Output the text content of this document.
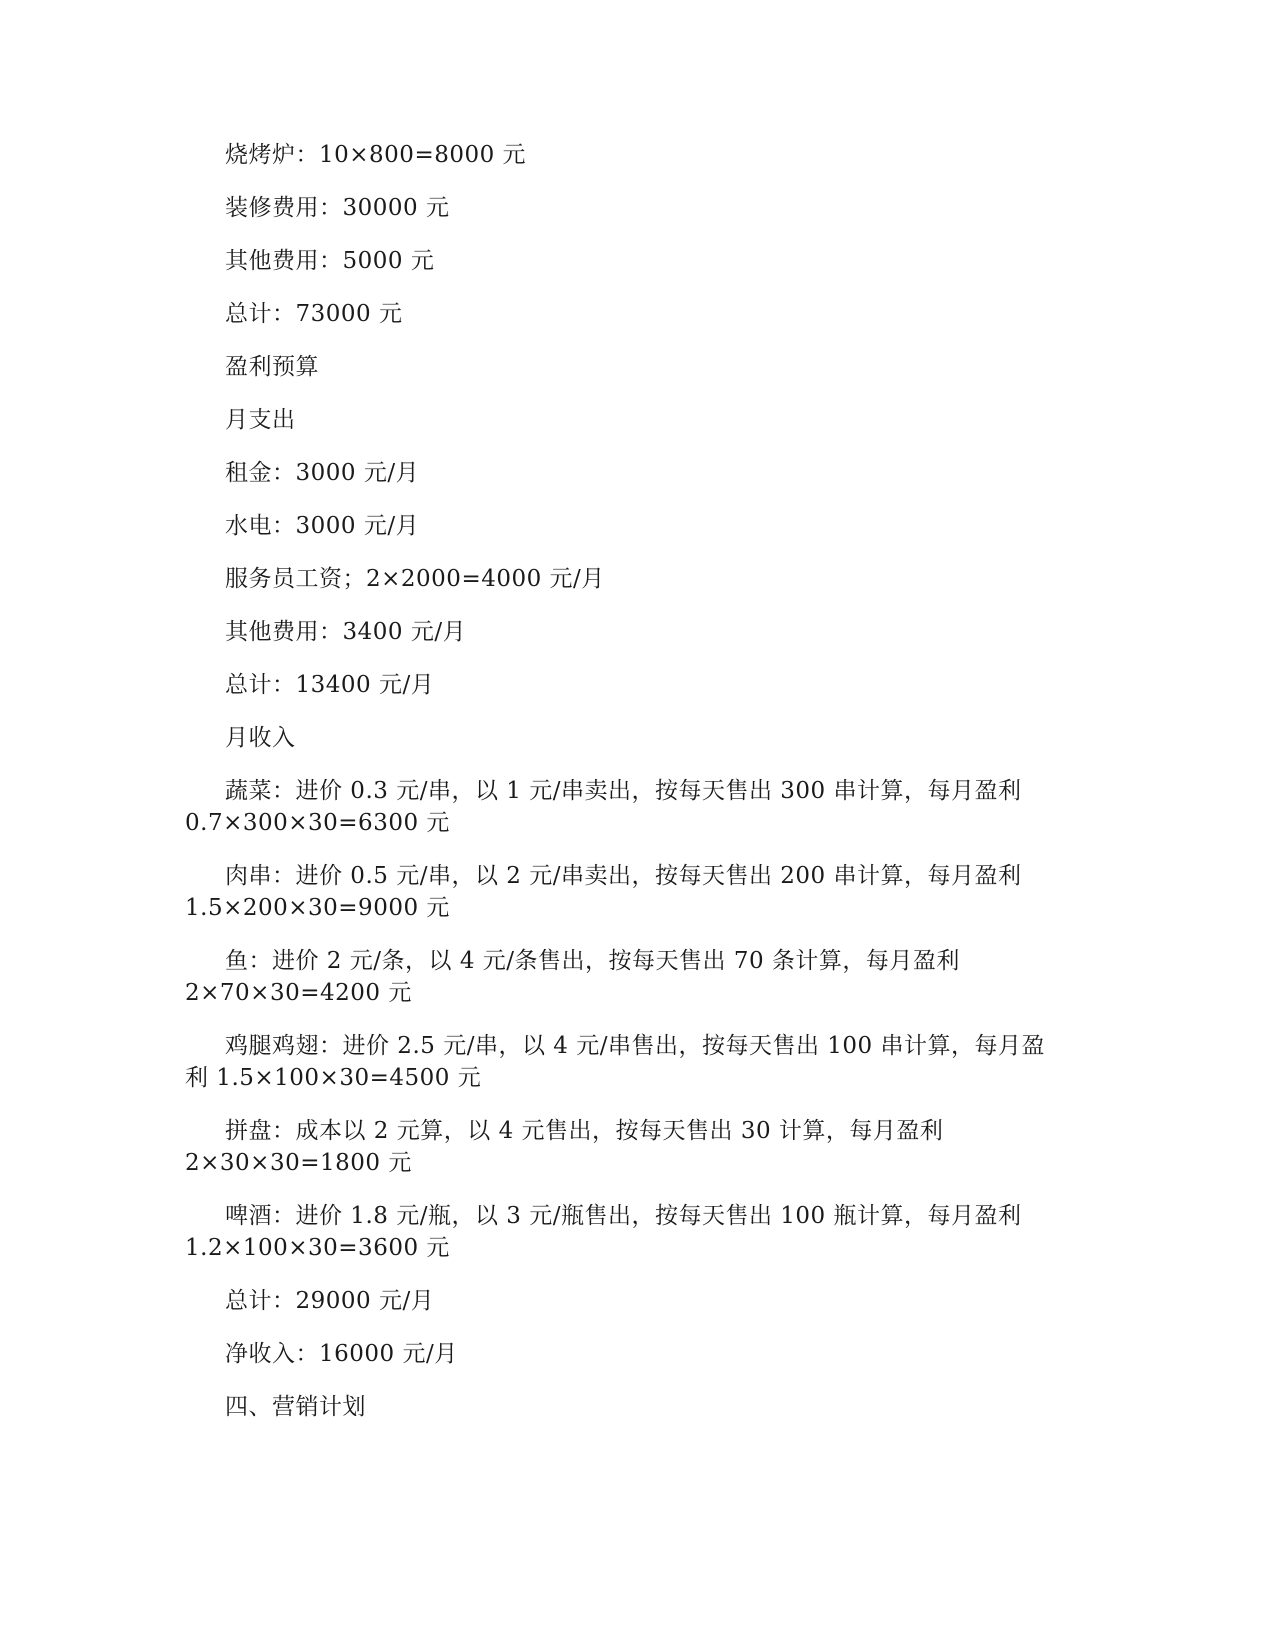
烧烤炉：10×800=8000 元

装修费用：30000 元

其他费用：5000 元

总计：73000 元

盈利预算

月支出

租金：3000 元/月

水电：3000 元/月

服务员工资；2×2000=4000 元/月

其他费用：3400 元/月

总计：13400 元/月

月收入

蔬菜：进价 0.3 元/串，以 1 元/串卖出，按每天售出 300 串计算，每月盈利 0.7×300×30=6300 元

肉串：进价 0.5 元/串，以 2 元/串卖出，按每天售出 200 串计算，每月盈利 1.5×200×30=9000 元

鱼：进价 2 元/条，以 4 元/条售出，按每天售出 70 条计算，每月盈利 2×70×30=4200 元

鸡腿鸡翅：进价 2.5 元/串，以 4 元/串售出，按每天售出 100 串计算，每月盈利 1.5×100×30=4500 元

拼盘：成本以 2 元算，以 4 元售出，按每天售出 30 计算，每月盈利 2×30×30=1800 元

啤酒：进价 1.8 元/瓶，以 3 元/瓶售出，按每天售出 100 瓶计算，每月盈利 1.2×100×30=3600 元

总计：29000 元/月

净收入：16000 元/月

四、营销计划
